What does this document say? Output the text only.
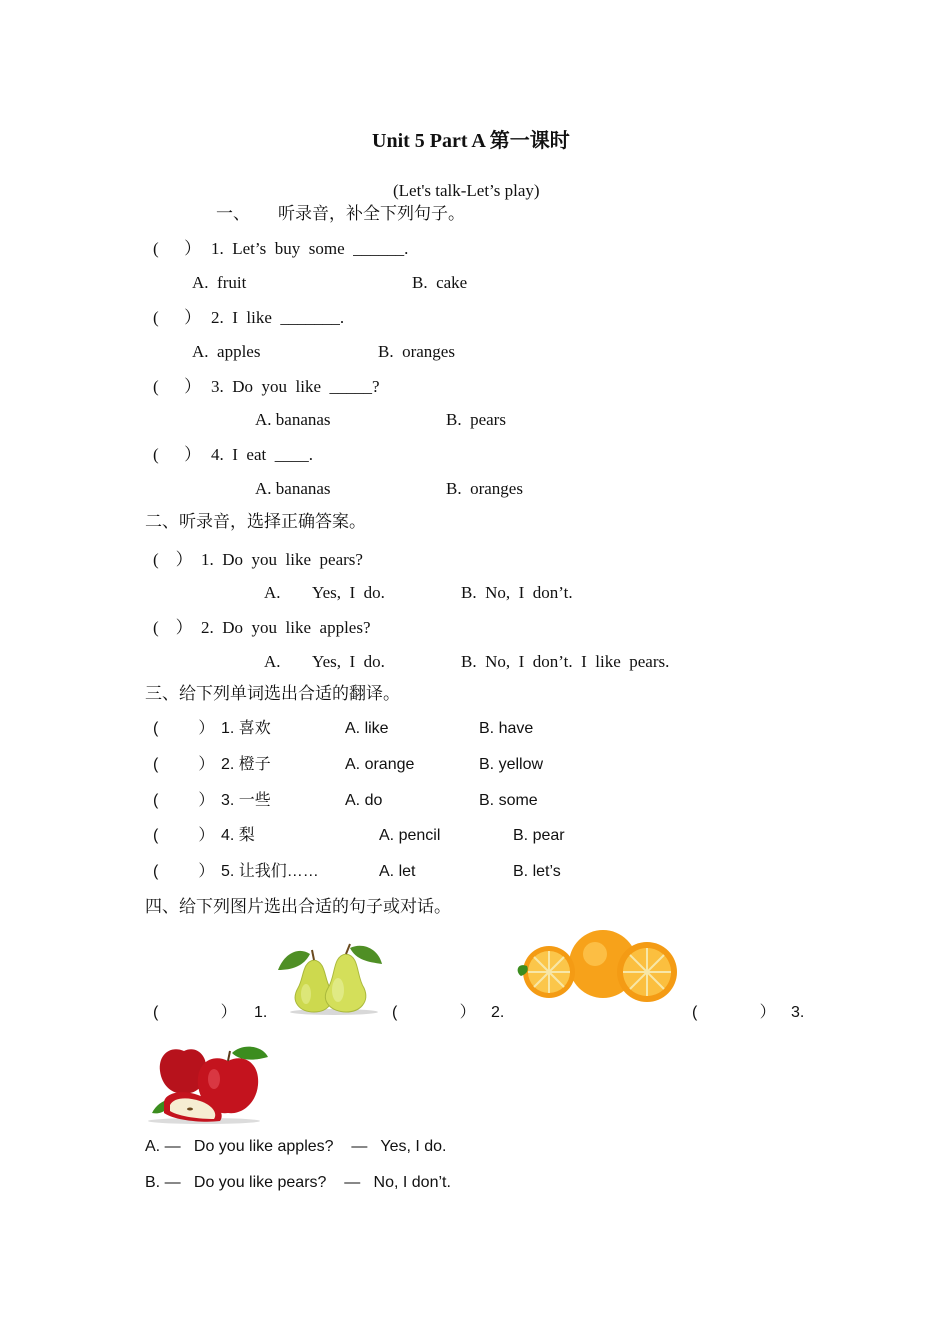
Unit 5 Part A 第一课时
(Let's talk-Let’s play)
一、 听录音，补全下列句子。
(      ） 1.  Let’s  buy  some  ______.
A.  fruit	B.  cake
(      ） 2.  I  like  _______.
A.  apples	B.  oranges
(      ） 3.  Do  you  like  _____?
A. bananas	B.  pears
(      ） 4.  I  eat  ____.
A. bananas	B.  oranges
二、听录音，选择正确答案。
(    ） 1.  Do  you  like  pears?
A. Yes,  I  do.	B.  No,  I  don’t.
(    ） 2.  Do  you  like  apples?
A. Yes,  I  do.	B.  No,  I  don’t.  I  like  pears.
三、给下列单词选出合适的翻译。
(         ） 1. 喜欢	A. like	B. have
(         ） 2. 橙子	A. orange	B. yellow
(         ） 3. 一些	A. do	B. some
(         ） 4. 梨	A. pencil	B. pear
(         ） 5. 让我们……	A. let	B. let’s
四、给下列图片选出合适的句子或对话。
(              ） 1.	(              ） 2.	(              ） 3.
A. —   Do you like apples?    —   Yes, I do.
B. —   Do you like pears?    —   No, I don’t.
